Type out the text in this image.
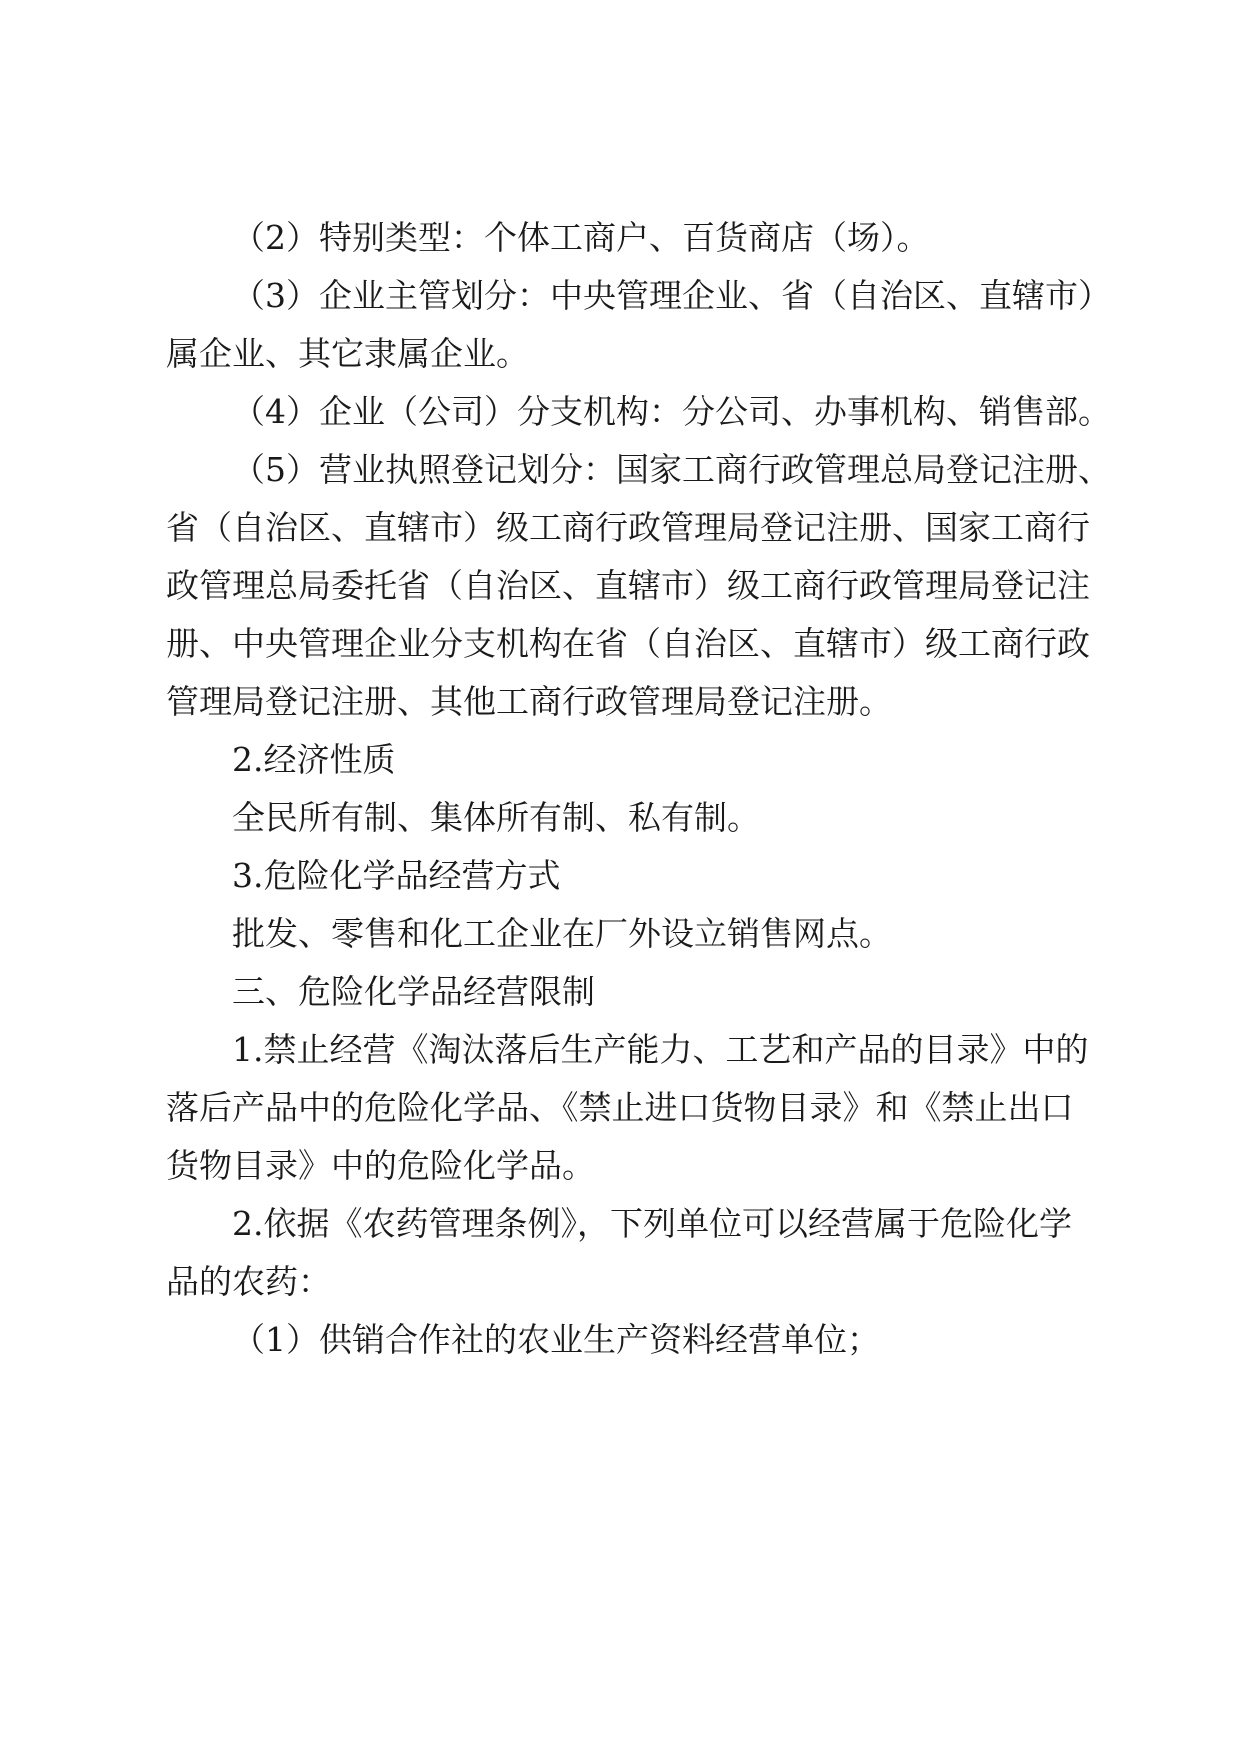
（2）特别类型：个体工商户、百货商店（场）。
（3）企业主管划分：中央管理企业、省（自治区、直辖市）
属企业、其它隶属企业。
（4）企业（公司）分支机构：分公司、办事机构、销售部。
（5）营业执照登记划分：国家工商行政管理总局登记注册、
省（自治区、直辖市）级工商行政管理局登记注册、国家工商行
政管理总局委托省（自治区、直辖市）级工商行政管理局登记注
册、中央管理企业分支机构在省（自治区、直辖市）级工商行政
管理局登记注册、其他工商行政管理局登记注册。
2.经济性质
全民所有制、集体所有制、私有制。
3.危险化学品经营方式
批发、零售和化工企业在厂外设立销售网点。
三、危险化学品经营限制
1.禁止经营《淘汰落后生产能力、工艺和产品的目录》中的
落后产品中的危险化学品、《禁止进口货物目录》和《禁止出口
货物目录》中的危险化学品。
2.依据《农药管理条例》，下列单位可以经营属于危险化学
品的农药：
（1）供销合作社的农业生产资料经营单位；
